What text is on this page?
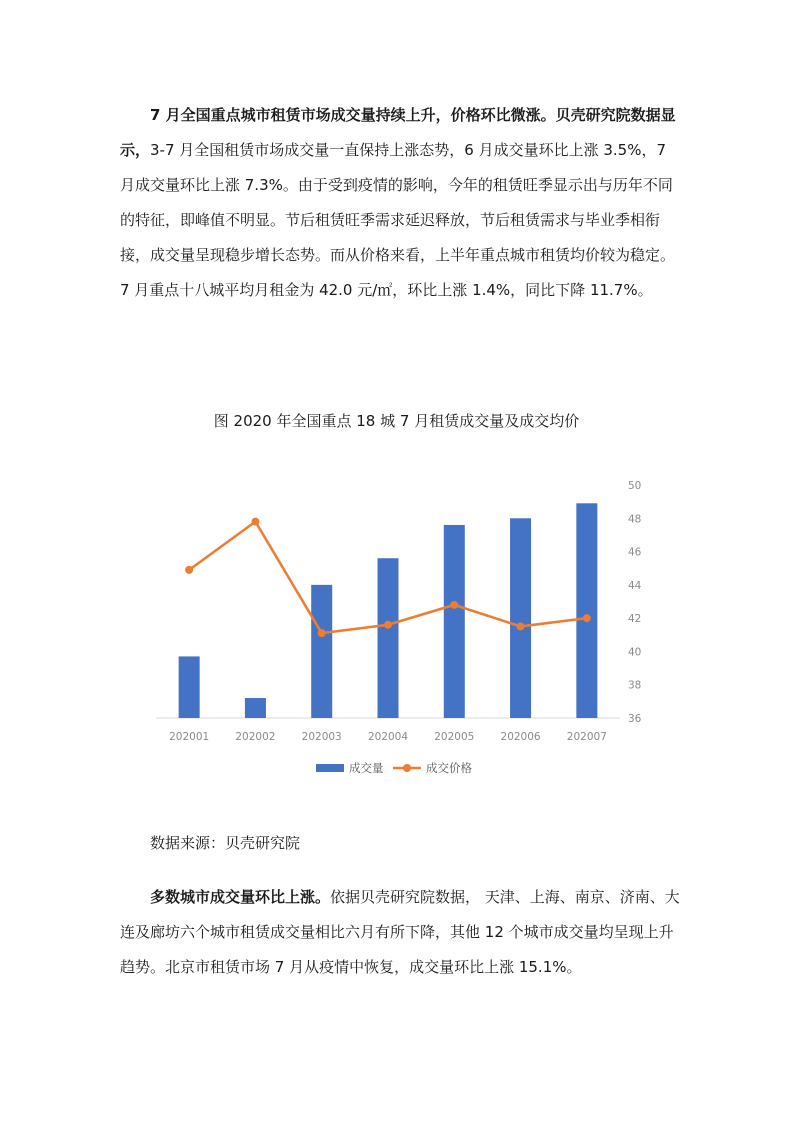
7 月全国重点城市租赁市场成交量持续上升，价格环比微涨。贝壳研究院数据显示，3-7 月全国租赁市场成交量一直保持上涨态势，6 月成交量环比上涨 3.5%，7 月成交量环比上涨 7.3%。由于受到疫情的影响，今年的租赁旺季显示出与历年不同的特征，即峰值不明显。节后租赁旺季需求延迟释放，节后租赁需求与毕业季相衔接，成交量呈现稳步增长态势。而从价格来看，上半年重点城市租赁均价较为稳定。7 月重点十八城平均月租金为 42.0 元/㎡，环比上涨 1.4%，同比下降 11.7%。

图 2020 年全国重点 18 城 7 月租赁成交量及成交均价
36
38
40
42
44
46
48
50
202001 202002 202003 202004 202005 202006 202007
成交量	成交价格
数据来源：贝壳研究院

多数城市成交量环比上涨。依据贝壳研究院数据， 天津、上海、南京、济南、大连及廊坊六个城市租赁成交量相比六月有所下降，其他 12 个城市成交量均呈现上升趋势。北京市租赁市场 7 月从疫情中恢复，成交量环比上涨 15.1%。
